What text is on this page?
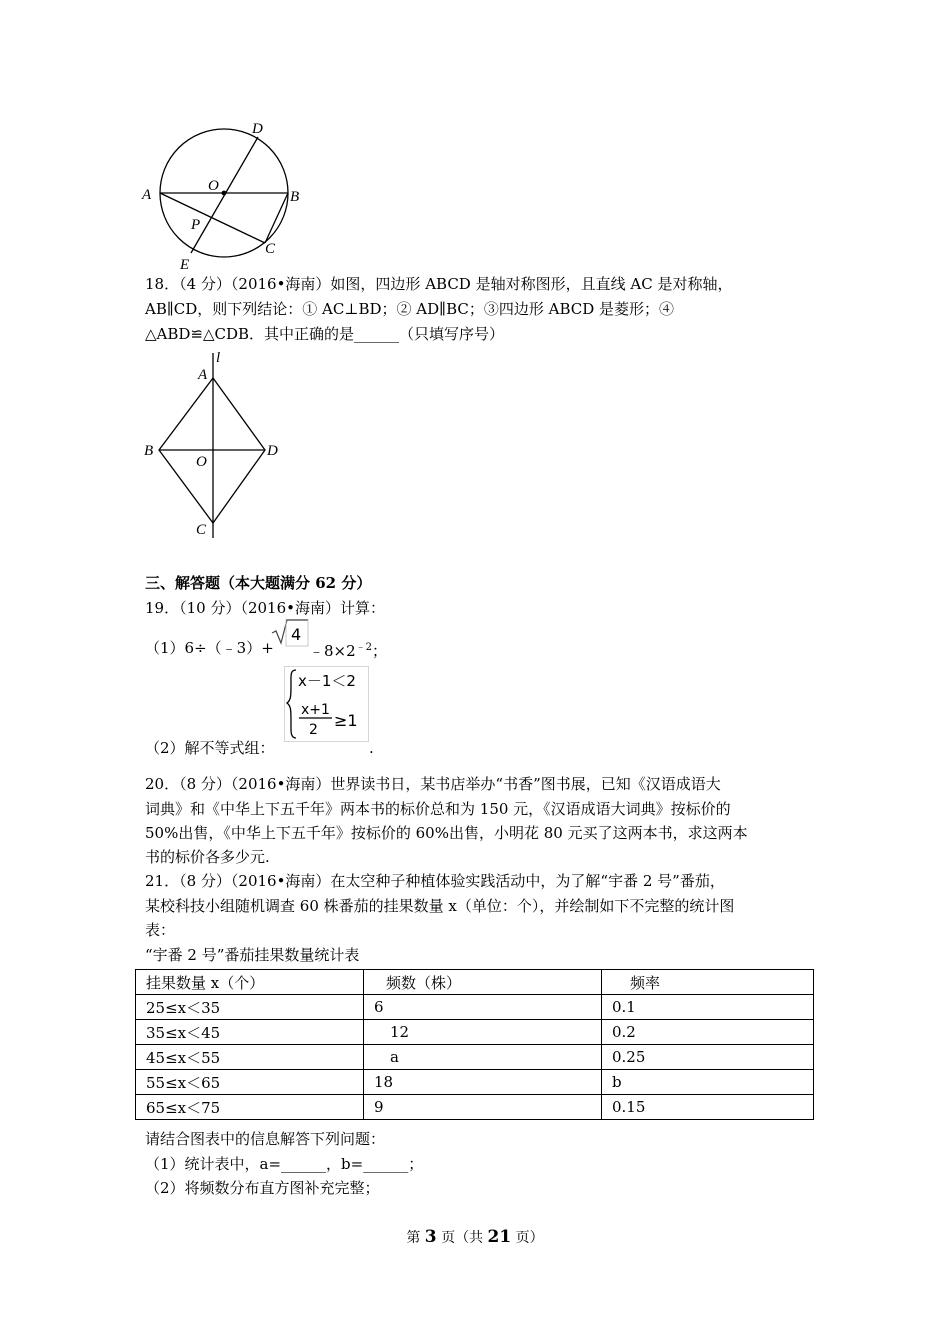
D
A
O
B
P
C
E
18．（4 分）（2016•海南）如图，四边形 ABCD 是轴对称图形，且直线 AC 是对称轴，
AB∥CD，则下列结论：① AC⊥BD；② AD∥BC；③四边形 ABCD 是菱形；④
△ABD≌△CDB．其中正确的是______（只填写序号）
l
A
B
O
D
C
三、解答题（本大题满分 62 分）
19．（10 分）（2016•海南）计算：
（1）6÷（﹣3）+
4
$﹣8\times 2^{﹣2}$；
x－1＜2
x+1
2 ≥1
（2）解不等式组：	.
20．（8 分）（2016•海南）世界读书日，某书店举办“书香”图书展，已知《汉语成语大
词典》和《中华上下五千年》两本书的标价总和为 150 元，《汉语成语大词典》按标价的
50%出售，《中华上下五千年》按标价的 60%出售，小明花 80 元买了这两本书，求这两本
书的标价各多少元.
21．（8 分）（2016•海南）在太空种子种植体验实践活动中，为了解“宇番 2 号”番茄，
某校科技小组随机调查 60 株番茄的挂果数量 x（单位：个），并绘制如下不完整的统计图
表：
“宇番 2 号”番茄挂果数量统计表
挂果数量 x（个）	频数（株）	频率
25≤x＜35	6	0.1
35≤x＜45	12	0.2
45≤x＜55	a	0.25
55≤x＜65	18	b
65≤x＜75	9	0.15
请结合图表中的信息解答下列问题：
（1）统计表中，a=______，b=______；
（2）将频数分布直方图补充完整；
第 3 页（共 21 页）
